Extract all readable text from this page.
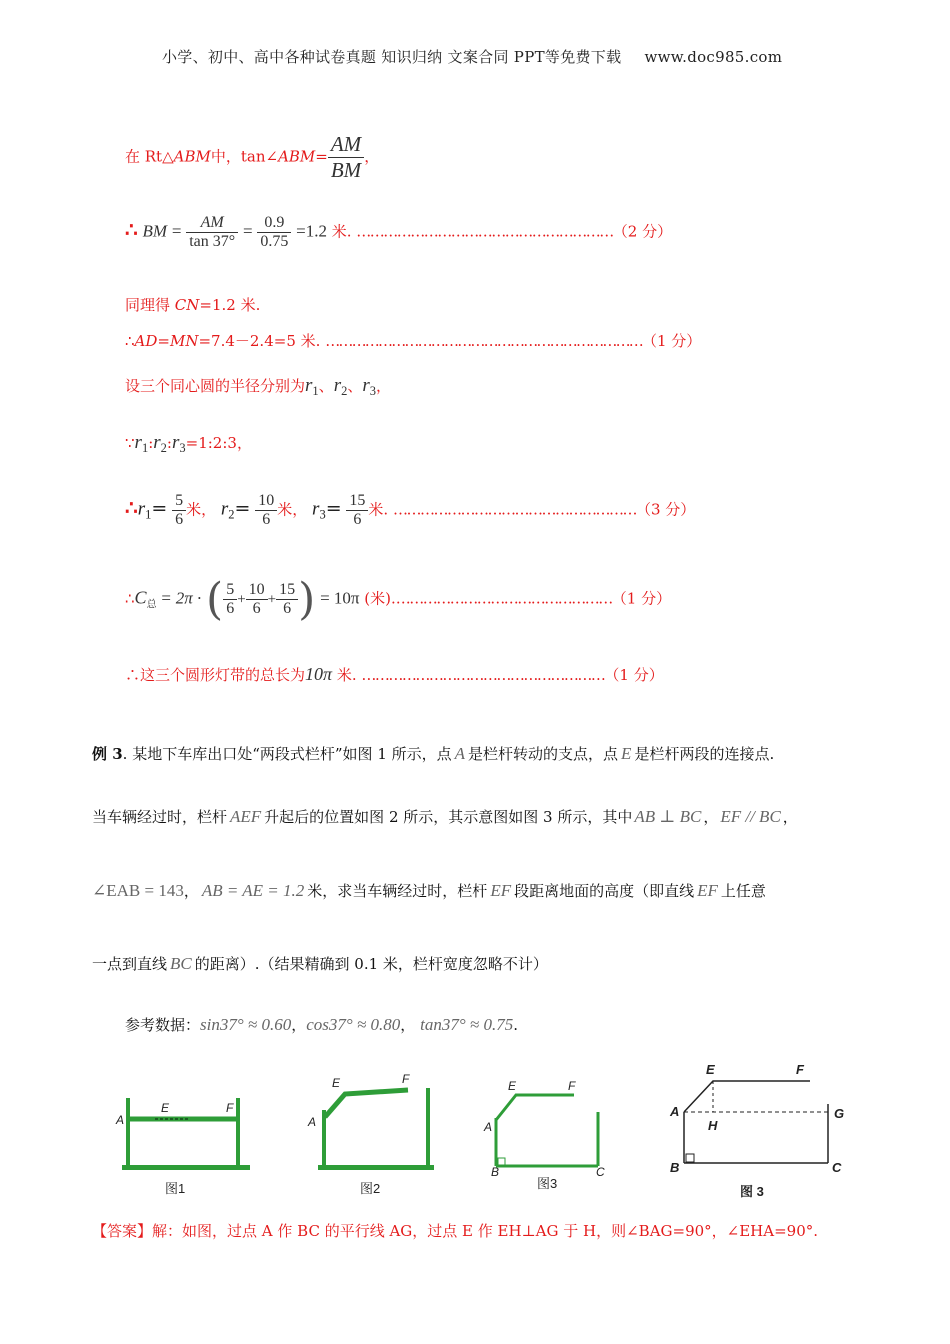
小学、初中、高中各种试卷真题 知识归纳 文案合同 PPT等免费下载 www.doc985.com
在 Rt△ABM中，tan∠ABM= $\frac{AM}{BM}$ ，
∴ BM = $\frac{AM}{\tan 37^\circ} = \frac{0.9}{0.75} =1.2$ 米. …………………………………………………（2 分）
同理得 CN=1.2 米.
∴AD=MN=7.4－2.4=5 米. ………………………………………………………………（1 分）
设三个同心圆的半径分别为$r_1$、$r_2$、$r_3$，
$\because r_1:r_2:r_3=1:2:3$，
$\therefore r_1= \frac{5}{6}$ 米， $r_2= \frac{10}{6}$ 米， $r_3= \frac{15}{6}$ 米. ………………………………………………（3 分）
$\therefore C_总 = 2\pi$ · ( $\frac{5}{6} + \frac{10}{6} + \frac{15}{6}$ ) = 10π (米).…………………………………………（1 分）
∴这三个圆形灯带的总长为10π 米. ………………………………………………（1 分）
例 3. 某地下车库出口处“两段式栏杆”如图 1 所示，点 A 是栏杆转动的支点，点 E 是栏杆两段的连接点.
当车辆经过时，栏杆 AEF 升起后的位置如图 2 所示，其示意图如图 3 所示，其中 AB ⊥ BC ， EF // BC ，
∠EAB = 143， AB = AE = 1.2 米，求当车辆经过时，栏杆 EF 段距离地面的高度（即直线 EF 上任意
一点到直线 BC 的距离）.（结果精确到 0.1 米，栏杆宽度忽略不计）
参考数据：sin37° ≈ 0.60，cos37° ≈ 0.80， tan37° ≈ 0.75.
A
E	F
图1
A
E	F
图2
A
E	F
B	C
图3
A
E	F
G
H
B	C
图 3
【答案】解：如图，过点 A 作 BC 的平行线 AG，过点 E 作 EH⊥AG 于 H，则∠BAG=90°，∠EHA=90°.
